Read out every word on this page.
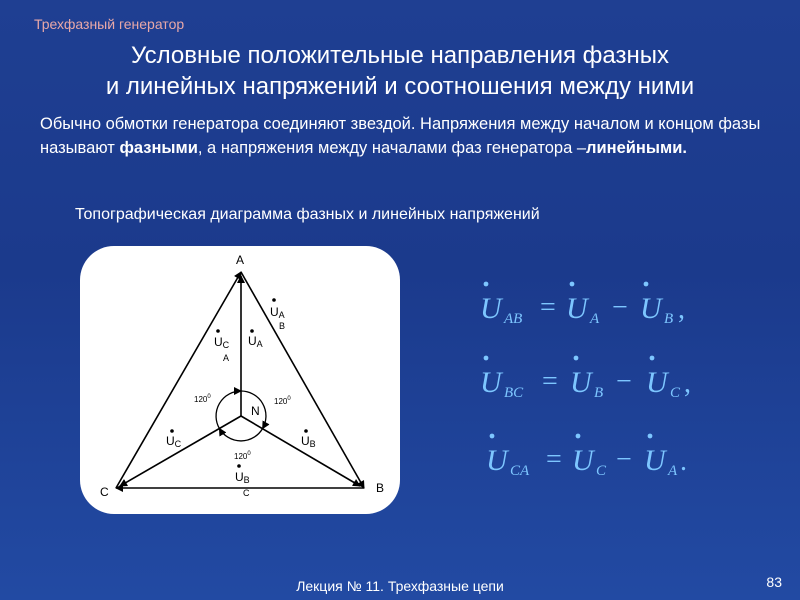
Трехфазный генератор
Условные положительные направления фазных
и линейных напряжений и соотношения между ними
Обычно обмотки генератора соединяют звездой. Напряжения между началом и концом фазы называют фазными, а напряжения между началами фаз генератора –линейными.
Топографическая диаграмма фазных и линейных напряжений
A
B
C
N
$120^0$	$120^0$
$120^0$
UA
B
UC
A
UA
UC	UB
UB
C
U AB = U A − U B ,
U BC = U B − U C ,
U CA = U C − U A .
Лекция № 11. Трехфазные цепи	83
